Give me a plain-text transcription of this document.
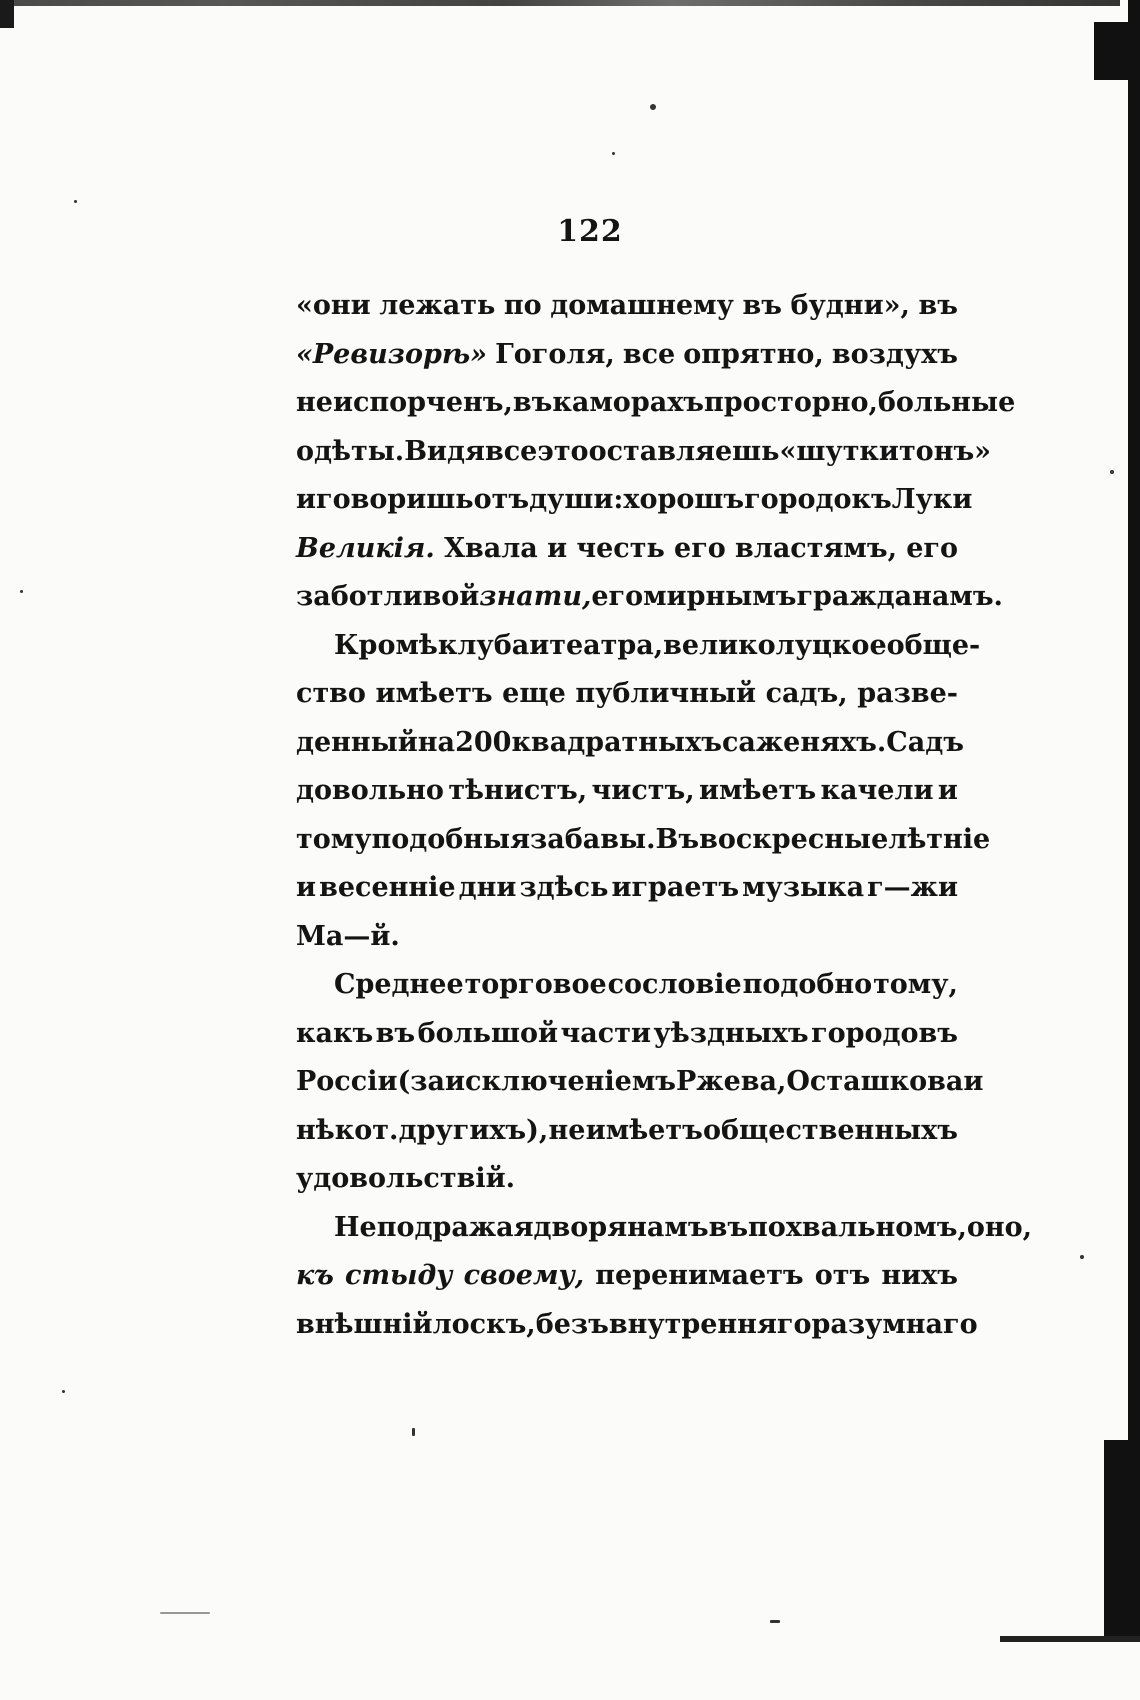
122
«они лежать по домашнему въ будни», въ
«Ревизорѣ» Гоголя, все опрятно, воздухъ
неиспорченъ, въ каморахъ просторно, больные
одѣты. Видя все это оставляешь «шутки тонъ»
и говоришь отъ души: хорошъ городокъ Луки
Великія. Хвала и честь его властямъ, его
заботливой знати, его мирнымъ гражданамъ.
Кромѣ клуба и театра, великолуцкое обще-
ство имѣетъ еще публичный садъ, разве-
денный на 200 квадратныхъ саженяхъ. Садъ
довольно тѣнистъ, чистъ, имѣетъ качели и
тому подобныя забавы. Въ воскресные лѣтніе
и весенніе дни здѣсь играетъ музыка г—жи
Ма—й.
Среднее торговое сословіе подобно тому,
какъ въ большой части уѣздныхъ городовъ
Россіи (за исключеніемъ Ржева, Осташкова и
нѣкот. другихъ), не имѣетъ общественныхъ
удовольствій.
Неподражая дворянамъ въ похвальномъ, оно,
къ стыду своему, перенимаетъ отъ нихъ
внѣшній лоскъ, безъ внутренняго разумнаго
